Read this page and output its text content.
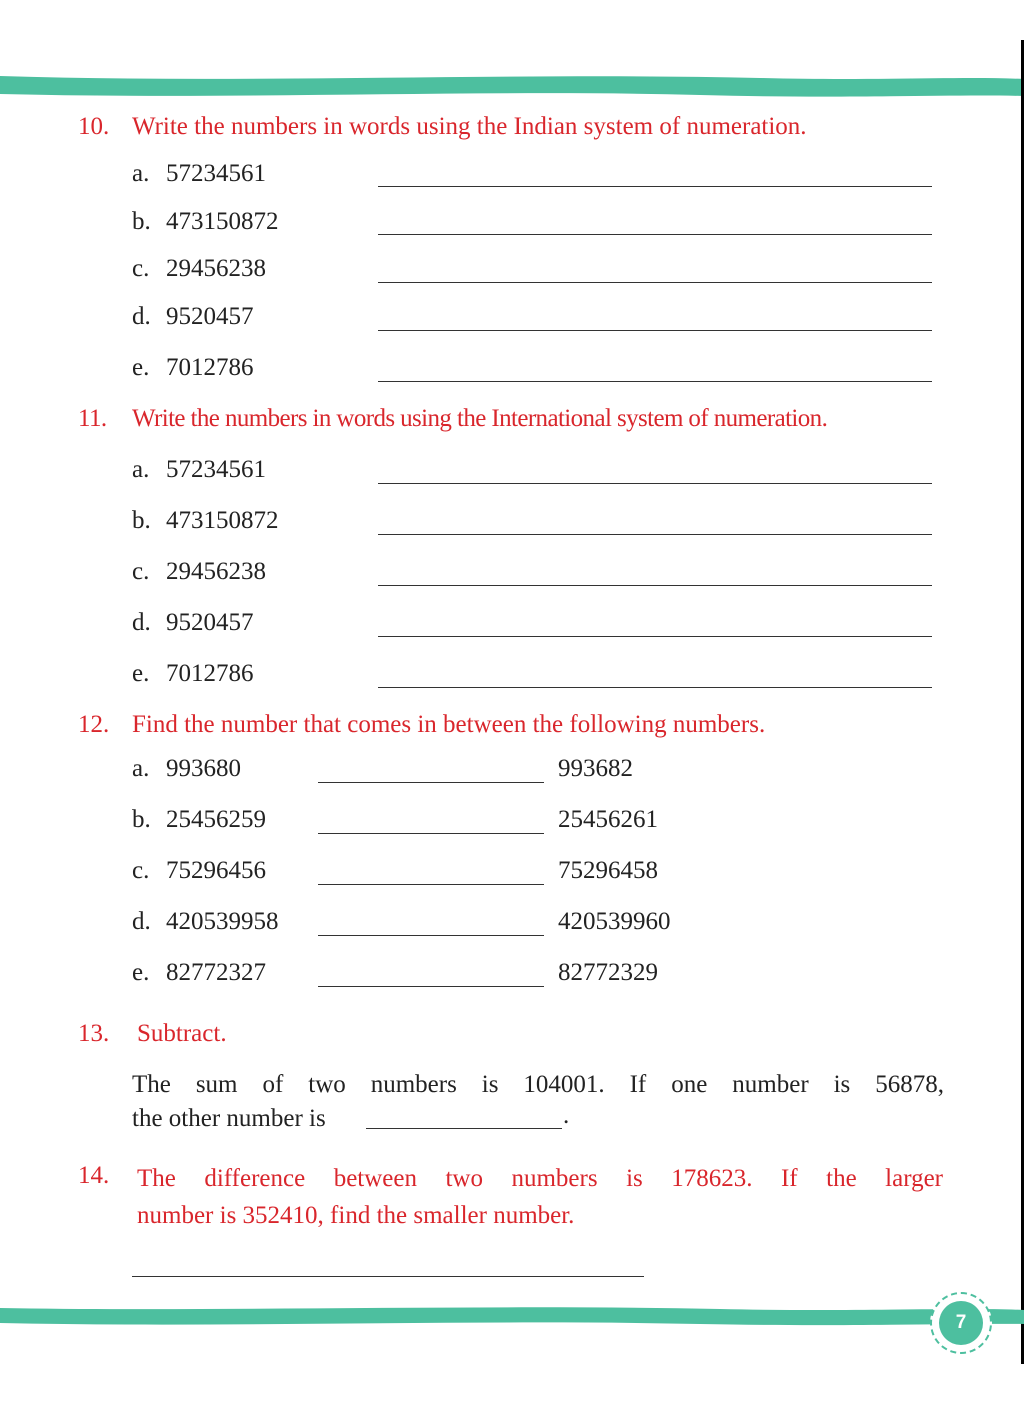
10. Write the numbers in words using the Indian system of numeration.
a. 57234561
b. 473150872
c. 29456238
d. 9520457
e. 7012786
11. Write the numbers in words using the International system of numeration.
a. 57234561
b. 473150872
c. 29456238
d. 9520457
e. 7012786
12. Find the number that comes in between the following numbers.
a. 993680	993682
b. 25456259	25456261
c. 75296456	75296458
d. 420539958	420539960
e. 82772327	82772329
13. Subtract.
The sum of two numbers is 104001. If one number is 56878,
the other number is	.
14. The difference between two numbers is 178623. If the larger
number is 352410, find the smaller number.
7
